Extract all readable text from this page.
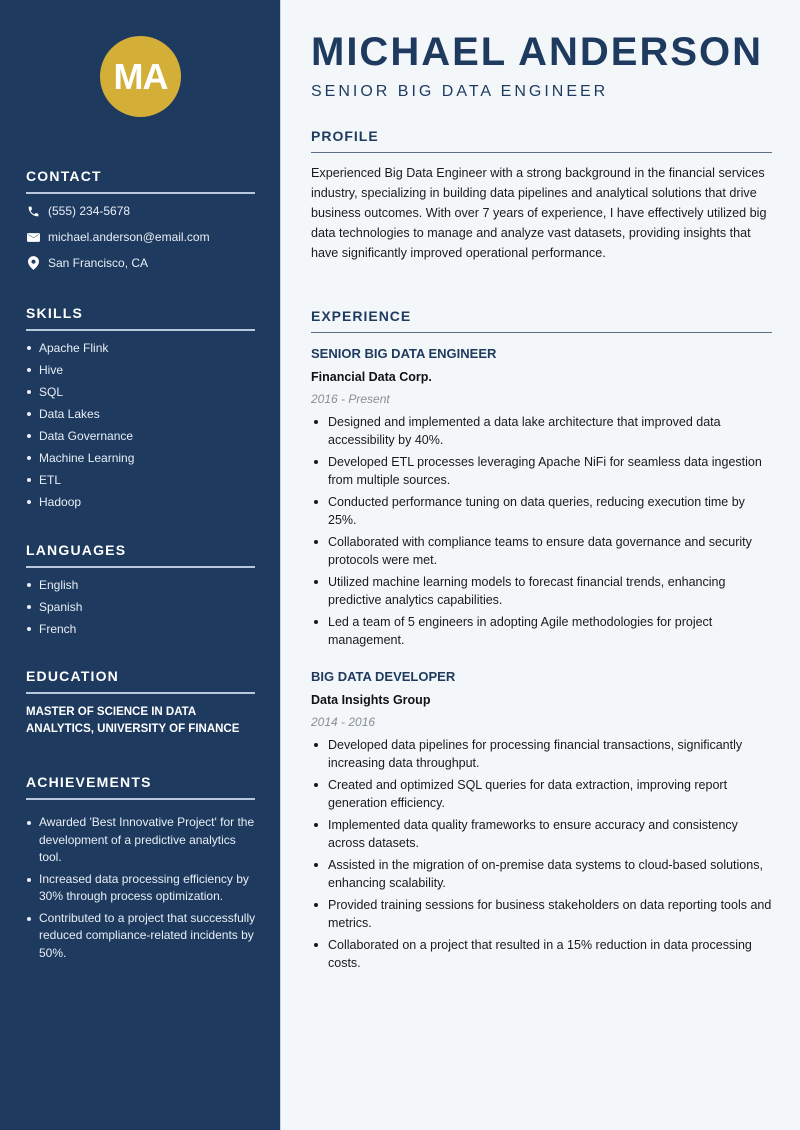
MA
CONTACT
(555) 234-5678
michael.anderson@email.com
San Francisco, CA
SKILLS
Apache Flink
Hive
SQL
Data Lakes
Data Governance
Machine Learning
ETL
Hadoop
LANGUAGES
English
Spanish
French
EDUCATION
MASTER OF SCIENCE IN DATA ANALYTICS, UNIVERSITY OF FINANCE
ACHIEVEMENTS
Awarded 'Best Innovative Project' for the development of a predictive analytics tool.
Increased data processing efficiency by 30% through process optimization.
Contributed to a project that successfully reduced compliance-related incidents by 50%.
MICHAEL ANDERSON
SENIOR BIG DATA ENGINEER
PROFILE
Experienced Big Data Engineer with a strong background in the financial services industry, specializing in building data pipelines and analytical solutions that drive business outcomes. With over 7 years of experience, I have effectively utilized big data technologies to manage and analyze vast datasets, providing insights that have significantly improved operational performance.
EXPERIENCE
SENIOR BIG DATA ENGINEER
Financial Data Corp.
2016 - Present
Designed and implemented a data lake architecture that improved data accessibility by 40%.
Developed ETL processes leveraging Apache NiFi for seamless data ingestion from multiple sources.
Conducted performance tuning on data queries, reducing execution time by 25%.
Collaborated with compliance teams to ensure data governance and security protocols were met.
Utilized machine learning models to forecast financial trends, enhancing predictive analytics capabilities.
Led a team of 5 engineers in adopting Agile methodologies for project management.
BIG DATA DEVELOPER
Data Insights Group
2014 - 2016
Developed data pipelines for processing financial transactions, significantly increasing data throughput.
Created and optimized SQL queries for data extraction, improving report generation efficiency.
Implemented data quality frameworks to ensure accuracy and consistency across datasets.
Assisted in the migration of on-premise data systems to cloud-based solutions, enhancing scalability.
Provided training sessions for business stakeholders on data reporting tools and metrics.
Collaborated on a project that resulted in a 15% reduction in data processing costs.
